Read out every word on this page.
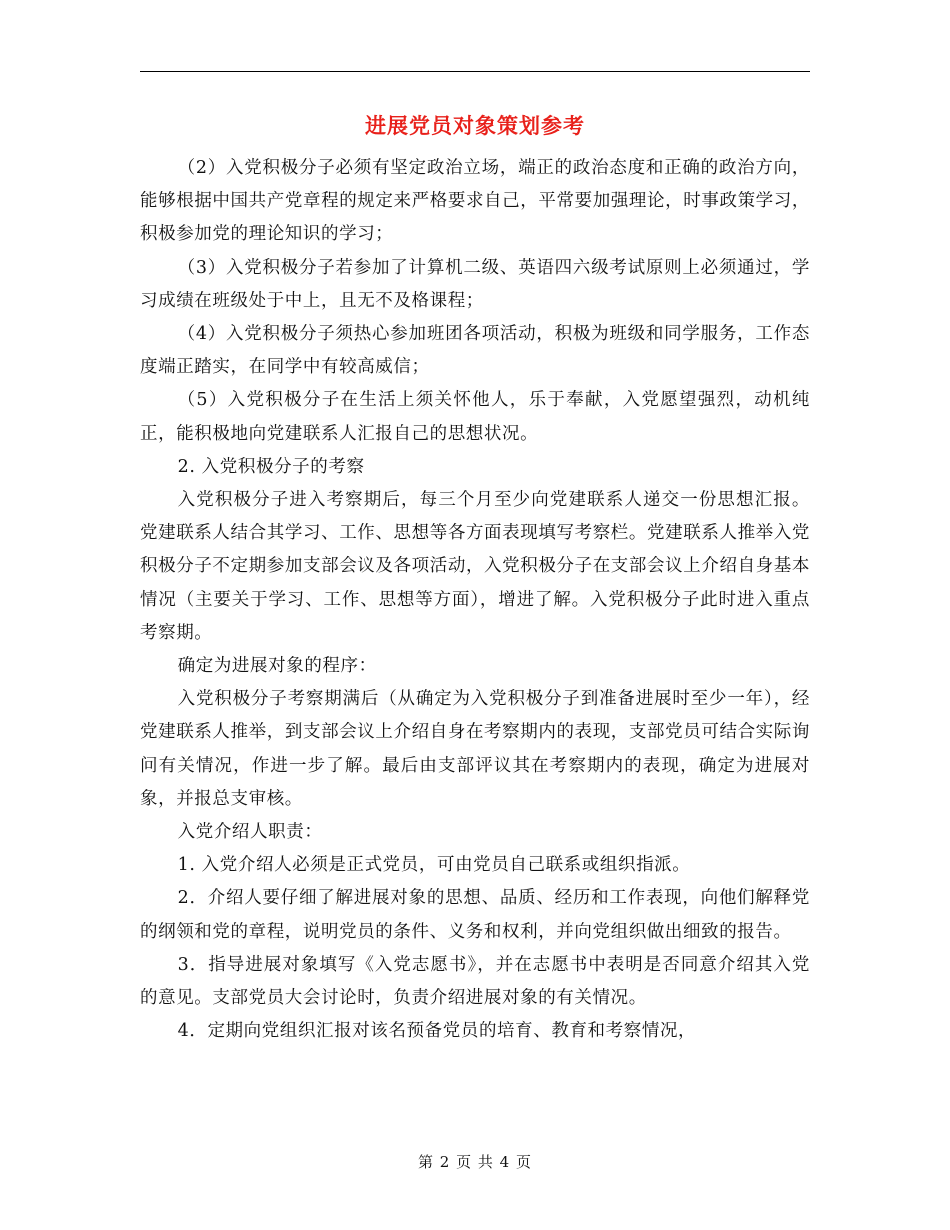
进展党员对象策划参考

（2）入党积极分子必须有坚定政治立场，端正的政治态度和正确的政治方向，能够根据中国共产党章程的规定来严格要求自己，平常要加强理论，时事政策学习，积极参加党的理论知识的学习；

（3）入党积极分子若参加了计算机二级、英语四六级考试原则上必须通过，学习成绩在班级处于中上，且无不及格课程；

（4）入党积极分子须热心参加班团各项活动，积极为班级和同学服务，工作态度端正踏实，在同学中有较高威信；

（5）入党积极分子在生活上须关怀他人，乐于奉献，入党愿望强烈，动机纯正，能积极地向党建联系人汇报自己的思想状况。

2. 入党积极分子的考察

入党积极分子进入考察期后，每三个月至少向党建联系人递交一份思想汇报。党建联系人结合其学习、工作、思想等各方面表现填写考察栏。党建联系人推举入党积极分子不定期参加支部会议及各项活动，入党积极分子在支部会议上介绍自身基本情况（主要关于学习、工作、思想等方面），增进了解。入党积极分子此时进入重点考察期。

确定为进展对象的程序：

入党积极分子考察期满后（从确定为入党积极分子到准备进展时至少一年），经党建联系人推举，到支部会议上介绍自身在考察期内的表现，支部党员可结合实际询问有关情况，作进一步了解。最后由支部评议其在考察期内的表现，确定为进展对象，并报总支审核。

入党介绍人职责：

1. 入党介绍人必须是正式党员，可由党员自己联系或组织指派。

2．介绍人要仔细了解进展对象的思想、品质、经历和工作表现，向他们解释党的纲领和党的章程，说明党员的条件、义务和权利，并向党组织做出细致的报告。

3．指导进展对象填写《入党志愿书》，并在志愿书中表明是否同意介绍其入党的意见。支部党员大会讨论时，负责介绍进展对象的有关情况。

4．定期向党组织汇报对该名预备党员的培育、教育和考察情况，

第 2 页 共 4 页
